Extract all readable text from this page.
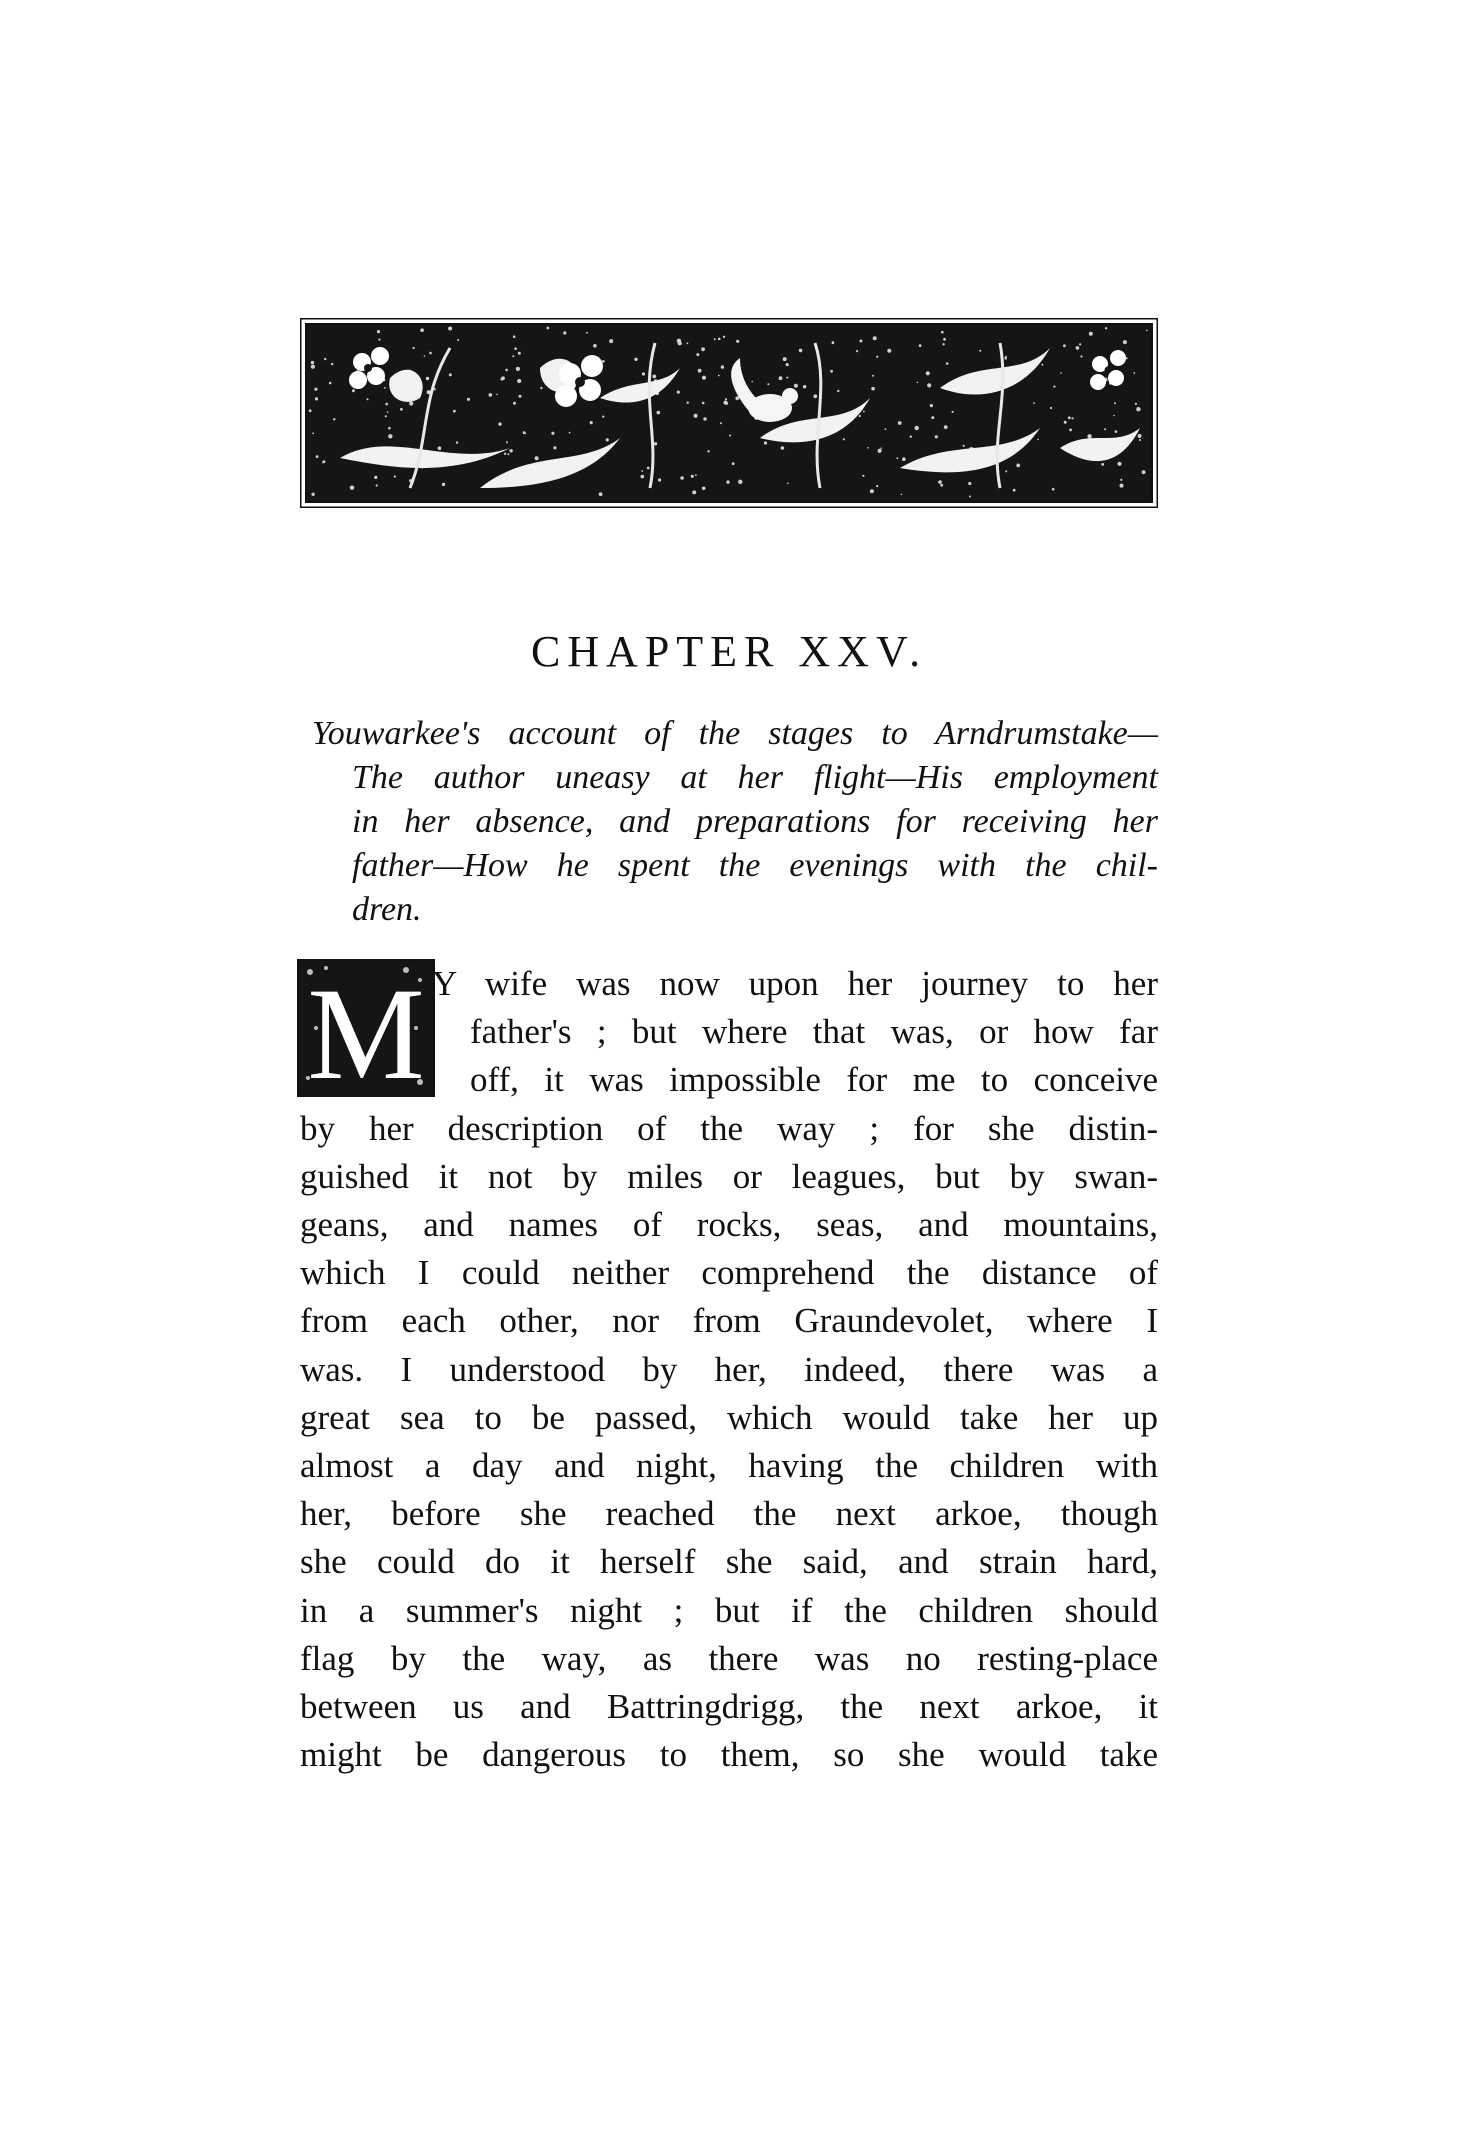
CHAPTER XXV.
Youwarkee's account of the stages to Arndrumstake—
The author uneasy at her flight—His employment
in her absence, and preparations for receiving her
father—How he spent the evenings with the chil-
dren.
M Y wife was now upon her journey to her
father's ; but where that was, or how far
off, it was impossible for me to conceive
by her description of the way ; for she distin-
guished it not by miles or leagues, but by swan-
geans, and names of rocks, seas, and mountains,
which I could neither comprehend the distance of
from each other, nor from Graundevolet, where I
was. I understood by her, indeed, there was a
great sea to be passed, which would take her up
almost a day and night, having the children with
her, before she reached the next arkoe, though
she could do it herself she said, and strain hard,
in a summer's night ; but if the children should
flag by the way, as there was no resting-place
between us and Battringdrigg, the next arkoe, it
might be dangerous to them, so she would take
